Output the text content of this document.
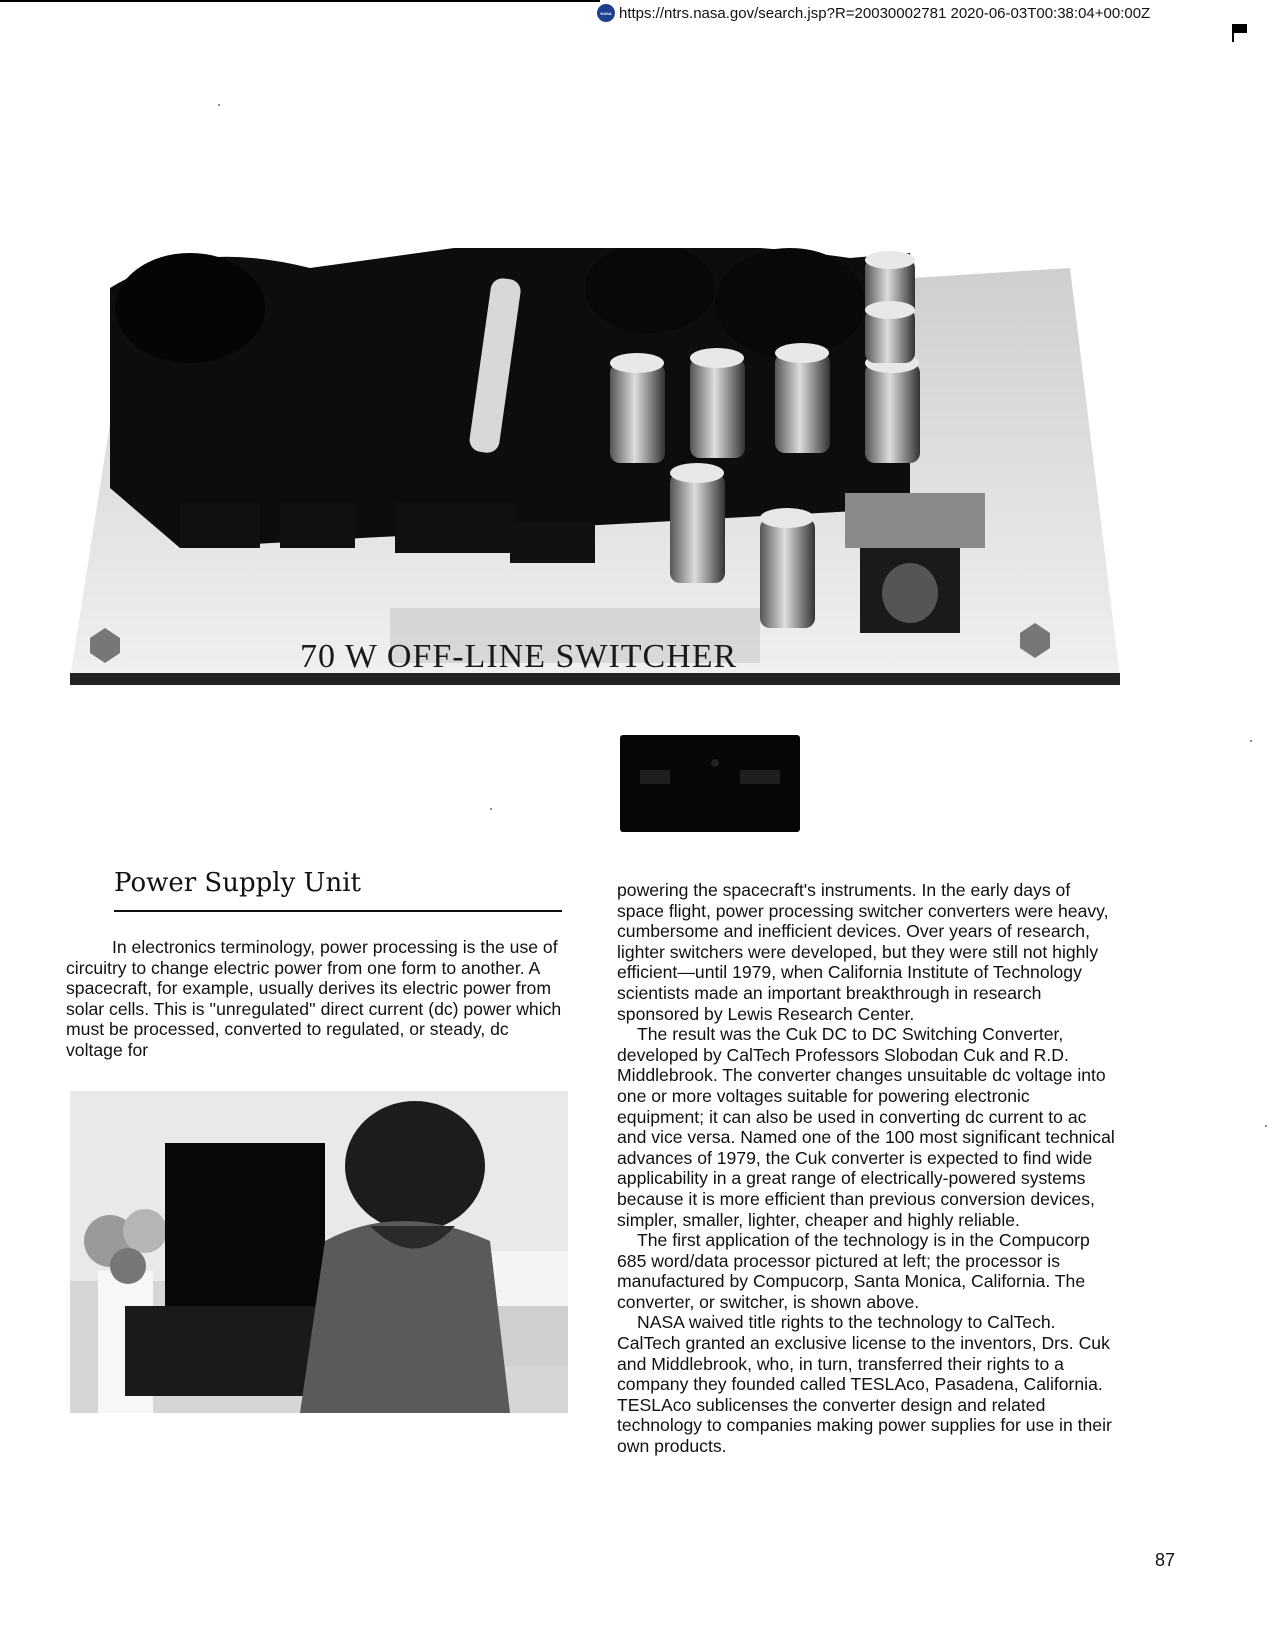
NASA https://ntrs.nasa.gov/search.jsp?R=20030002781 2020-06-03T00:38:04+00:00Z
70 W OFF-LINE SWITCHER
Power Supply Unit

In electronics terminology, power processing is the use of circuitry to change electric power from one form to another. A spacecraft, for example, usually derives its electric power from solar cells. This is ''unregulated'' direct current (dc) power which must be processed, converted to regulated, or steady, dc voltage for

powering the spacecraft's instruments. In the early days of space flight, power processing switcher converters were heavy, cumbersome and inefficient devices. Over years of research, lighter switchers were developed, but they were still not highly efficient—until 1979, when California Institute of Technology scientists made an important breakthrough in research sponsored by Lewis Research Center.

The result was the Cuk DC to DC Switching Converter, developed by CalTech Professors Slobodan Cuk and R.D. Middlebrook. The converter changes unsuitable dc voltage into one or more voltages suitable for powering electronic equipment; it can also be used in converting dc current to ac and vice versa. Named one of the 100 most significant technical advances of 1979, the Cuk converter is expected to find wide applicability in a great range of electrically-powered systems because it is more efficient than previous conversion devices, simpler, smaller, lighter, cheaper and highly reliable.

The first application of the technology is in the Compucorp 685 word/data processor pictured at left; the processor is manufactured by Compucorp, Santa Monica, California. The converter, or switcher, is shown above.

NASA waived title rights to the technology to CalTech. CalTech granted an exclusive license to the inventors, Drs. Cuk and Middlebrook, who, in turn, transferred their rights to a company they founded called TESLAco, Pasadena, California. TESLAco sublicenses the converter design and related technology to companies making power supplies for use in their own products.

87
